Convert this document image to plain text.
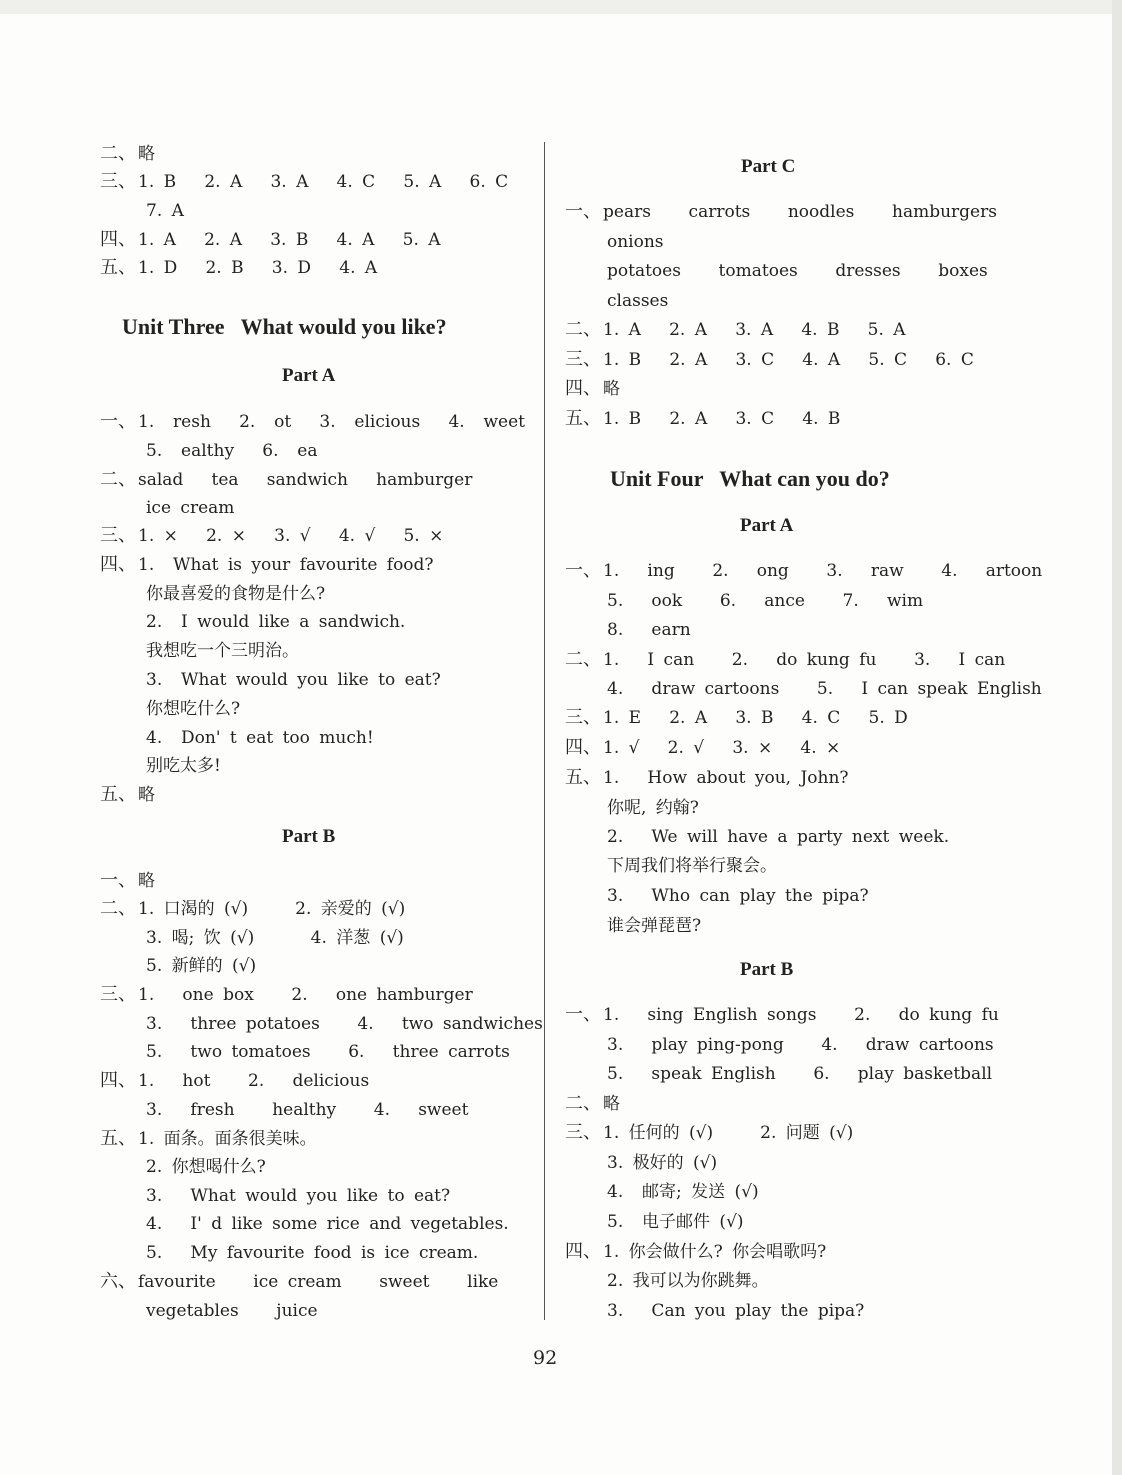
二、 略
三、 1. B   2. A   3. A   4. C   5. A   6. C
7. A
四、 1. A   2. A   3. B   4. A   5. A
五、 1. D   2. B   3. D   4. A
Unit Three   What would you like?
Part A
一、 1.  resh   2.  ot   3.  elicious   4.  weet
5.  ealthy   6.  ea
二、 salad   tea   sandwich   hamburger
ice cream
三、 1. ×   2. ×   3. √   4. √   5. ×
四、 1.  What is your favourite food?
你最喜爱的食物是什么?
2.  I would like a sandwich.
我想吃一个三明治。
3.  What would you like to eat?
你想吃什么?
4.  Don' t eat too much!
别吃太多!
五、 略
Part B
一、 略
二、 1. 口渴的 (√)     2. 亲爱的 (√)
3. 喝; 饮 (√)      4. 洋葱 (√)
5. 新鲜的 (√)
三、 1.   one box    2.   one hamburger
3.   three potatoes    4.   two sandwiches
5.   two tomatoes    6.   three carrots
四、 1.   hot    2.   delicious
3.   fresh    healthy    4.   sweet
五、 1. 面条。面条很美味。
2. 你想喝什么?
3.   What would you like to eat?
4.   I' d like some rice and vegetables.
5.   My favourite food is ice cream.
六、 favourite    ice cream    sweet    like
vegetables    juice
Part C
一、 pears    carrots    noodles    hamburgers
onions
potatoes    tomatoes    dresses    boxes
classes
二、 1. A   2. A   3. A   4. B   5. A
三、 1. B   2. A   3. C   4. A   5. C   6. C
四、 略
五、 1. B   2. A   3. C   4. B
Unit Four   What can you do?
Part A
一、 1.   ing    2.   ong    3.   raw    4.   artoon
5.   ook    6.   ance    7.   wim
8.   earn
二、 1.   I can    2.   do kung fu    3.   I can
4.   draw cartoons    5.   I can speak English
三、 1. E   2. A   3. B   4. C   5. D
四、 1. √   2. √   3. ×   4. ×
五、 1.   How about you, John?
你呢, 约翰?
2.   We will have a party next week.
下周我们将举行聚会。
3.   Who can play the pipa?
谁会弹琵琶?
Part B
一、 1.   sing English songs    2.   do kung fu
3.   play ping-pong    4.   draw cartoons
5.   speak English    6.   play basketball
二、 略
三、 1. 任何的 (√)     2. 问题 (√)
3. 极好的 (√)
4.  邮寄; 发送 (√)
5.  电子邮件 (√)
四、 1. 你会做什么? 你会唱歌吗?
2. 我可以为你跳舞。
3.   Can you play the pipa?
92
